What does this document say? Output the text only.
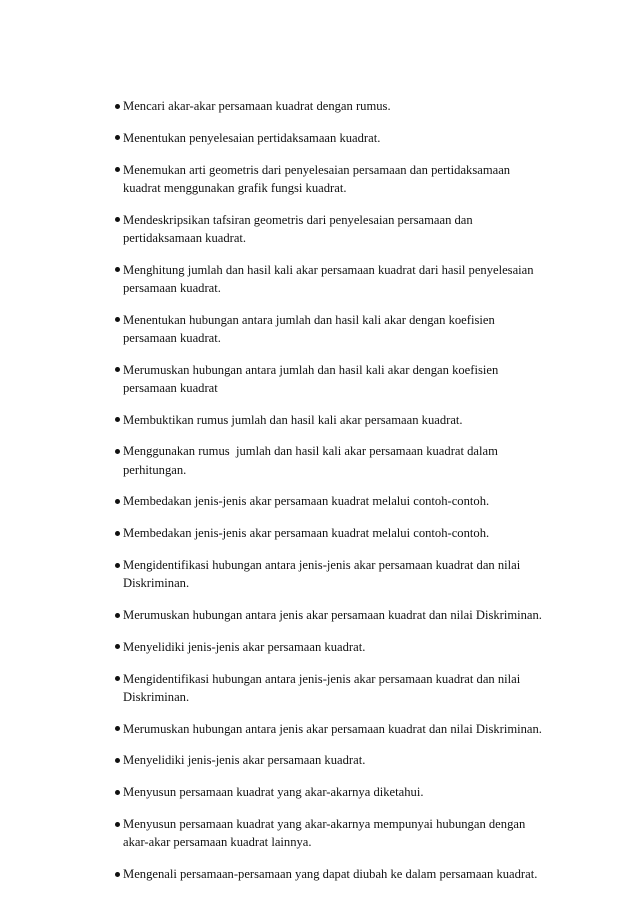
Mencari akar-akar persamaan kuadrat dengan rumus.
Menentukan penyelesaian pertidaksamaan kuadrat.
Menemukan arti geometris dari penyelesaian persamaan dan pertidaksamaan kuadrat menggunakan grafik fungsi kuadrat.
Mendeskripsikan tafsiran geometris dari penyelesaian persamaan dan pertidaksamaan kuadrat.
Menghitung jumlah dan hasil kali akar persamaan kuadrat dari hasil penyelesaian persamaan kuadrat.
Menentukan hubungan antara jumlah dan hasil kali akar dengan koefisien persamaan kuadrat.
Merumuskan hubungan antara jumlah dan hasil kali akar dengan koefisien persamaan kuadrat
Membuktikan rumus jumlah dan hasil kali akar persamaan kuadrat.
Menggunakan rumus  jumlah dan hasil kali akar persamaan kuadrat dalam perhitungan.
Membedakan jenis-jenis akar persamaan kuadrat melalui contoh-contoh.
Membedakan jenis-jenis akar persamaan kuadrat melalui contoh-contoh.
Mengidentifikasi hubungan antara jenis-jenis akar persamaan kuadrat dan nilai Diskriminan.
Merumuskan hubungan antara jenis akar persamaan kuadrat dan nilai Diskriminan.
Menyelidiki jenis-jenis akar persamaan kuadrat.
Mengidentifikasi hubungan antara jenis-jenis akar persamaan kuadrat dan nilai Diskriminan.
Merumuskan hubungan antara jenis akar persamaan kuadrat dan nilai Diskriminan.
Menyelidiki jenis-jenis akar persamaan kuadrat.
Menyusun persamaan kuadrat yang akar-akarnya diketahui.
Menyusun persamaan kuadrat yang akar-akarnya mempunyai hubungan dengan akar-akar persamaan kuadrat lainnya.
Mengenali persamaan-persamaan yang dapat diubah ke dalam persamaan kuadrat.
